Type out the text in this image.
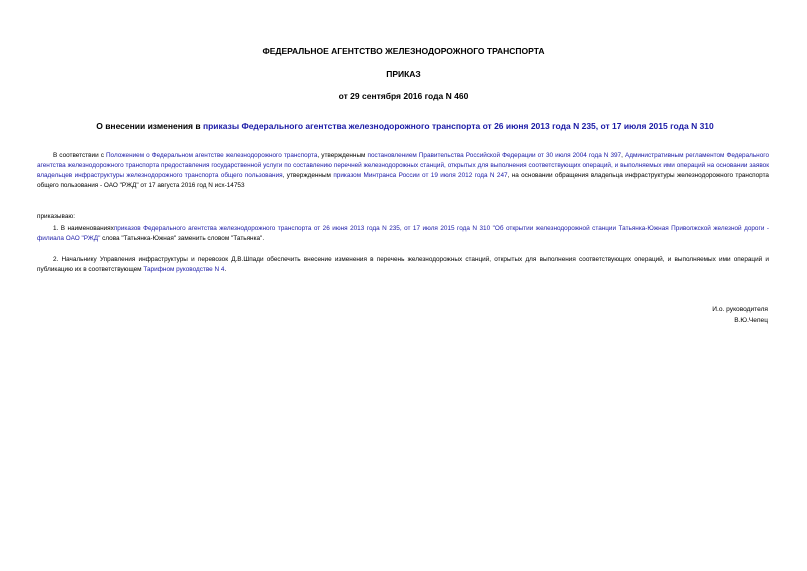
ФЕДЕРАЛЬНОЕ АГЕНТСТВО ЖЕЛЕЗНОДОРОЖНОГО ТРАНСПОРТА
ПРИКАЗ
от 29 сентября 2016 года N 460
О внесении изменения в приказы Федерального агентства железнодорожного транспорта от 26 июня 2013 года N 235, от 17 июля 2015 года N 310
В соответствии с Положением о Федеральном агентстве железнодорожного транспорта, утвержденным постановлением Правительства Российской Федерации от 30 июля 2004 года N 397, Административным регламентом Федерального агентства железнодорожного транспорта предоставления государственной услуги по составлению перечней железнодорожных станций, открытых для выполнения соответствующих операций, и выполняемых ими операций на основании заявок владельцев инфраструктуры железнодорожного транспорта общего пользования, утвержденным приказом Минтранса России от 19 июля 2012 года N 247, на основании обращения владельца инфраструктуры железнодорожного транспорта общего пользования - ОАО "РЖД" от 17 августа 2016 год N исх-14753
приказываю:
1. В наименованияхприказов Федерального агентства железнодорожного транспорта от 26 июня 2013 года N 235, от 17 июля 2015 года N 310 "Об открытии железнодорожной станции Татьянка-Южная Приволжской железной дороги - филиала ОАО "РЖД" слова "Татьянка-Южная" заменить словом "Татьянка".
2. Начальнику Управления инфраструктуры и перевозок Д.В.Шпади обеспечить внесение изменения в перечень железнодорожных станций, открытых для выполнения соответствующих операций, и выполняемых ими операций и публикацию их в соответствующем Тарифном руководстве N 4.
И.о. руководителя
В.Ю.Чепец
